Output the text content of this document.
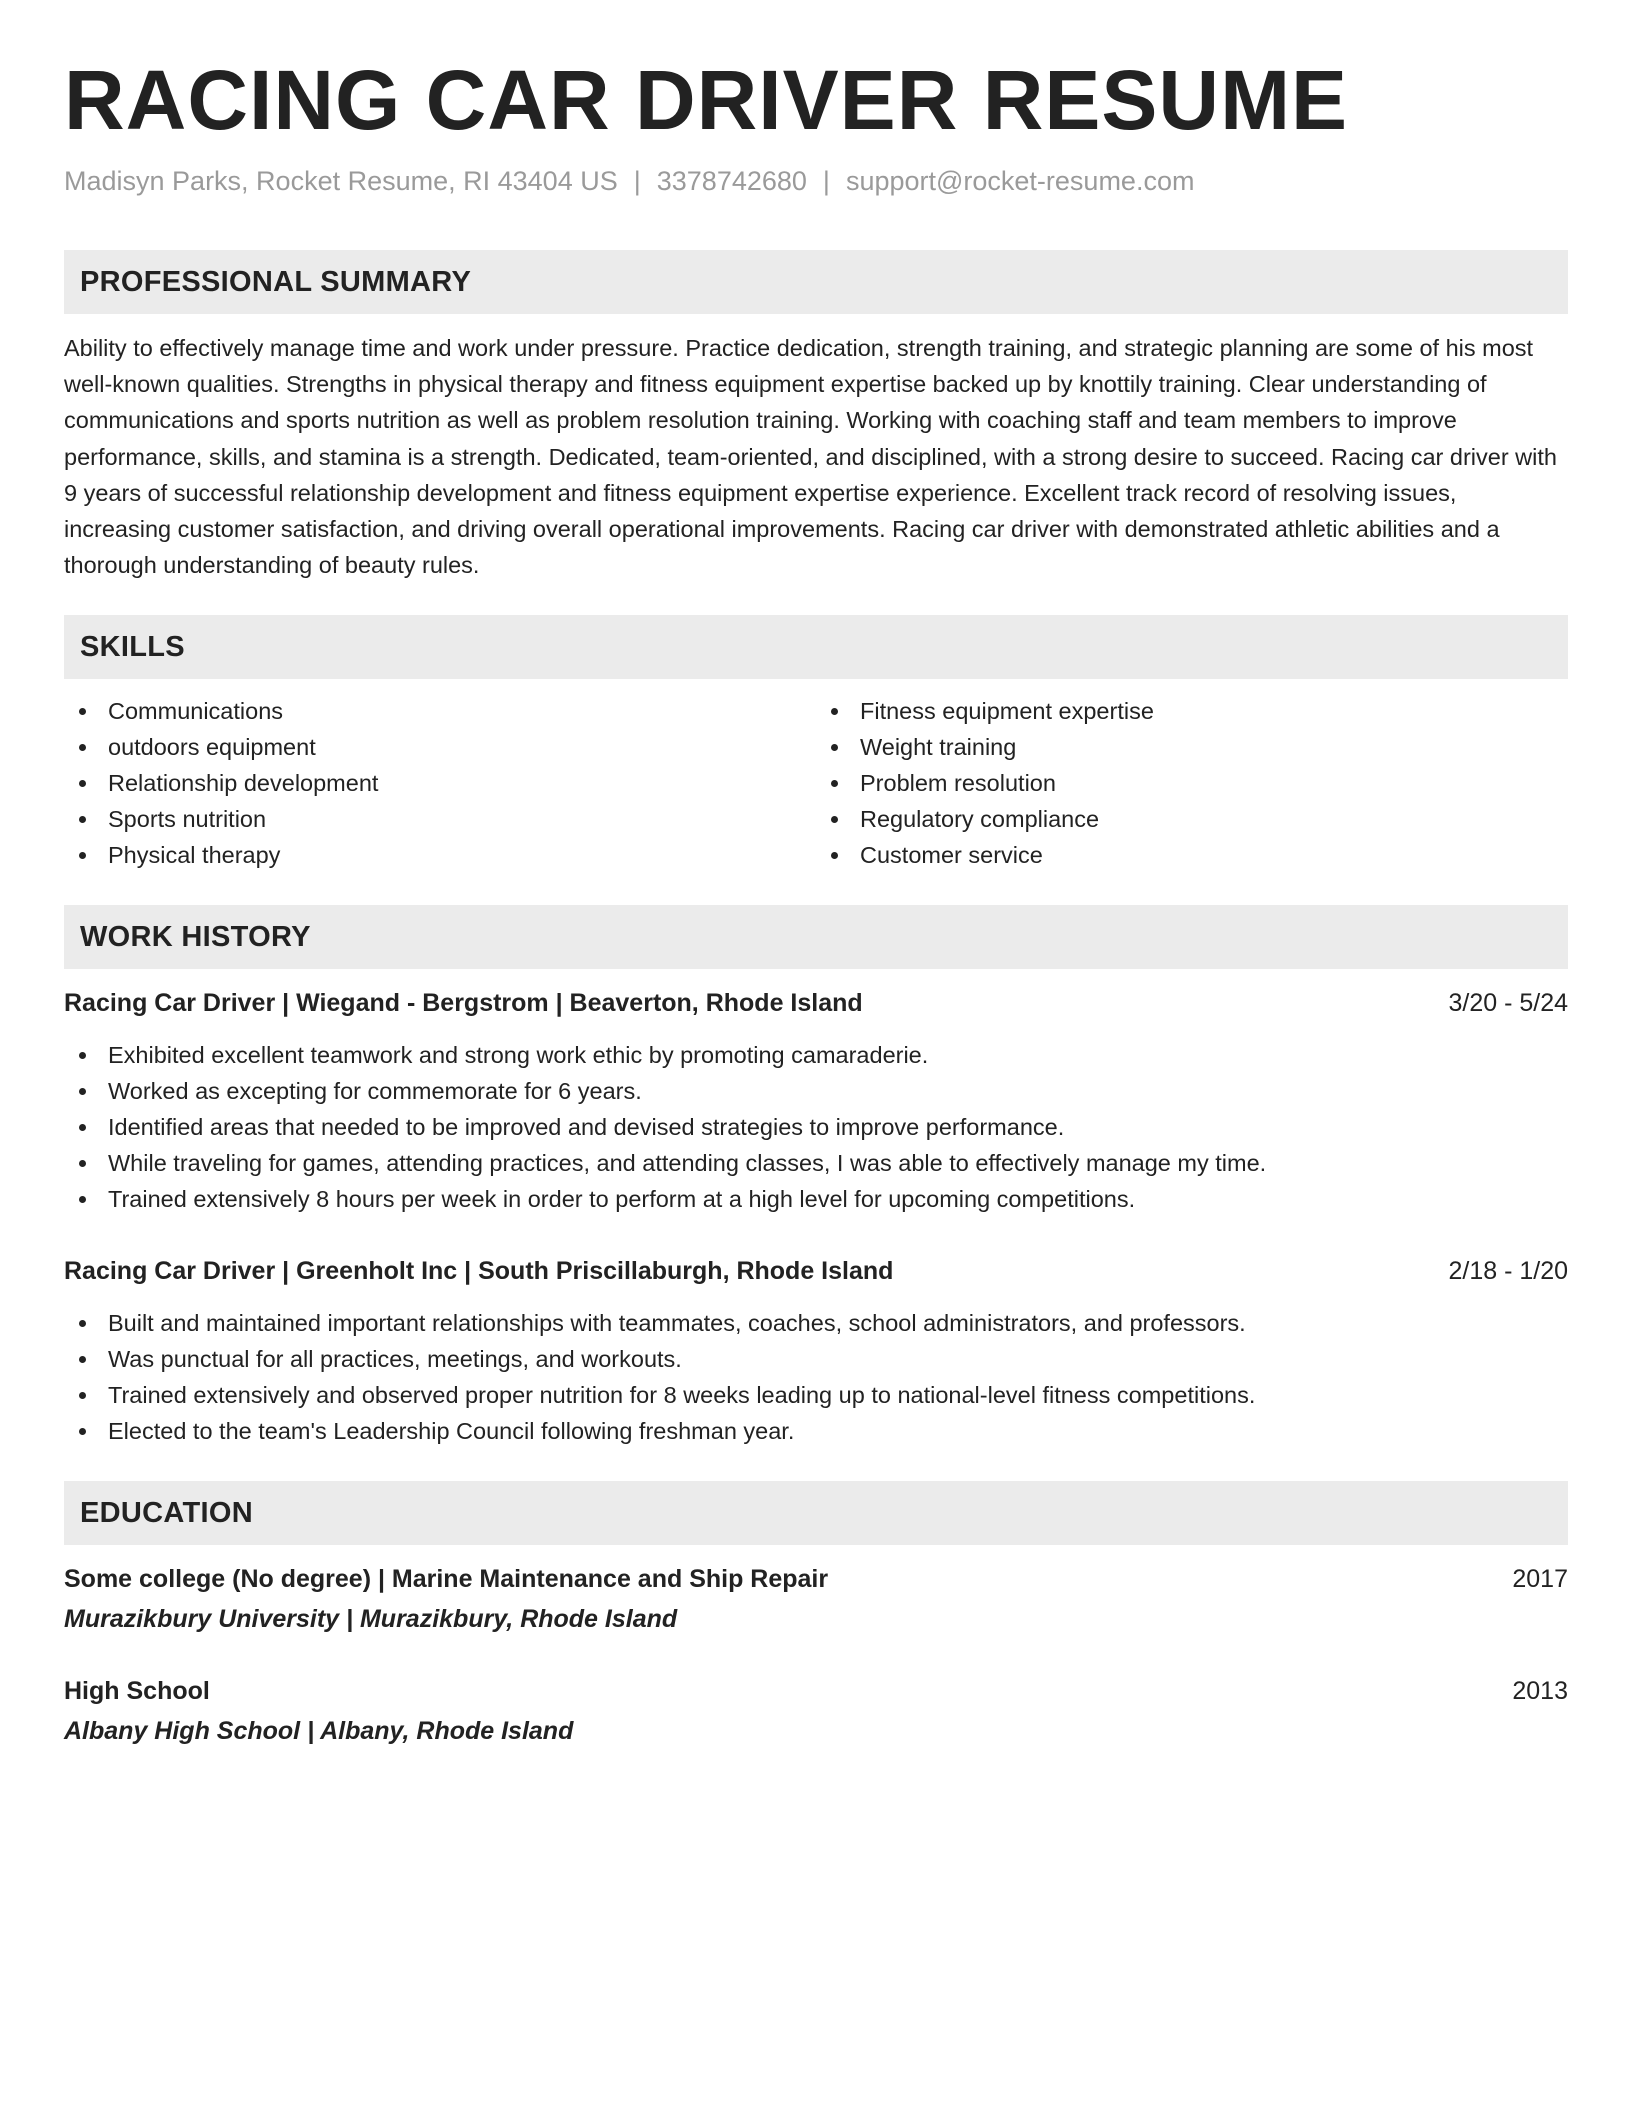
RACING CAR DRIVER RESUME
Madisyn Parks, Rocket Resume, RI 43404 US | 3378742680 | support@rocket-resume.com
PROFESSIONAL SUMMARY

Ability to effectively manage time and work under pressure. Practice dedication, strength training, and strategic planning are some of his most well-known qualities. Strengths in physical therapy and fitness equipment expertise backed up by knottily training. Clear understanding of communications and sports nutrition as well as problem resolution training. Working with coaching staff and team members to improve performance, skills, and stamina is a strength. Dedicated, team-oriented, and disciplined, with a strong desire to succeed. Racing car driver with 9 years of successful relationship development and fitness equipment expertise experience. Excellent track record of resolving issues, increasing customer satisfaction, and driving overall operational improvements. Racing car driver with demonstrated athletic abilities and a thorough understanding of beauty rules.

SKILLS
Communications
outdoors equipment
Relationship development
Sports nutrition
Physical therapy
Fitness equipment expertise
Weight training
Problem resolution
Regulatory compliance
Customer service
WORK HISTORY
Racing Car Driver | Wiegand - Bergstrom | Beaverton, Rhode Island	3/20 - 5/24
Exhibited excellent teamwork and strong work ethic by promoting camaraderie.
Worked as excepting for commemorate for 6 years.
Identified areas that needed to be improved and devised strategies to improve performance.
While traveling for games, attending practices, and attending classes, I was able to effectively manage my time.
Trained extensively 8 hours per week in order to perform at a high level for upcoming competitions.
Racing Car Driver | Greenholt Inc | South Priscillaburgh, Rhode Island	2/18 - 1/20
Built and maintained important relationships with teammates, coaches, school administrators, and professors.
Was punctual for all practices, meetings, and workouts.
Trained extensively and observed proper nutrition for 8 weeks leading up to national-level fitness competitions.
Elected to the team's Leadership Council following freshman year.
EDUCATION
Some college (No degree) | Marine Maintenance and Ship Repair	2017
Murazikbury University | Murazikbury, Rhode Island
High School	2013
Albany High School | Albany, Rhode Island
